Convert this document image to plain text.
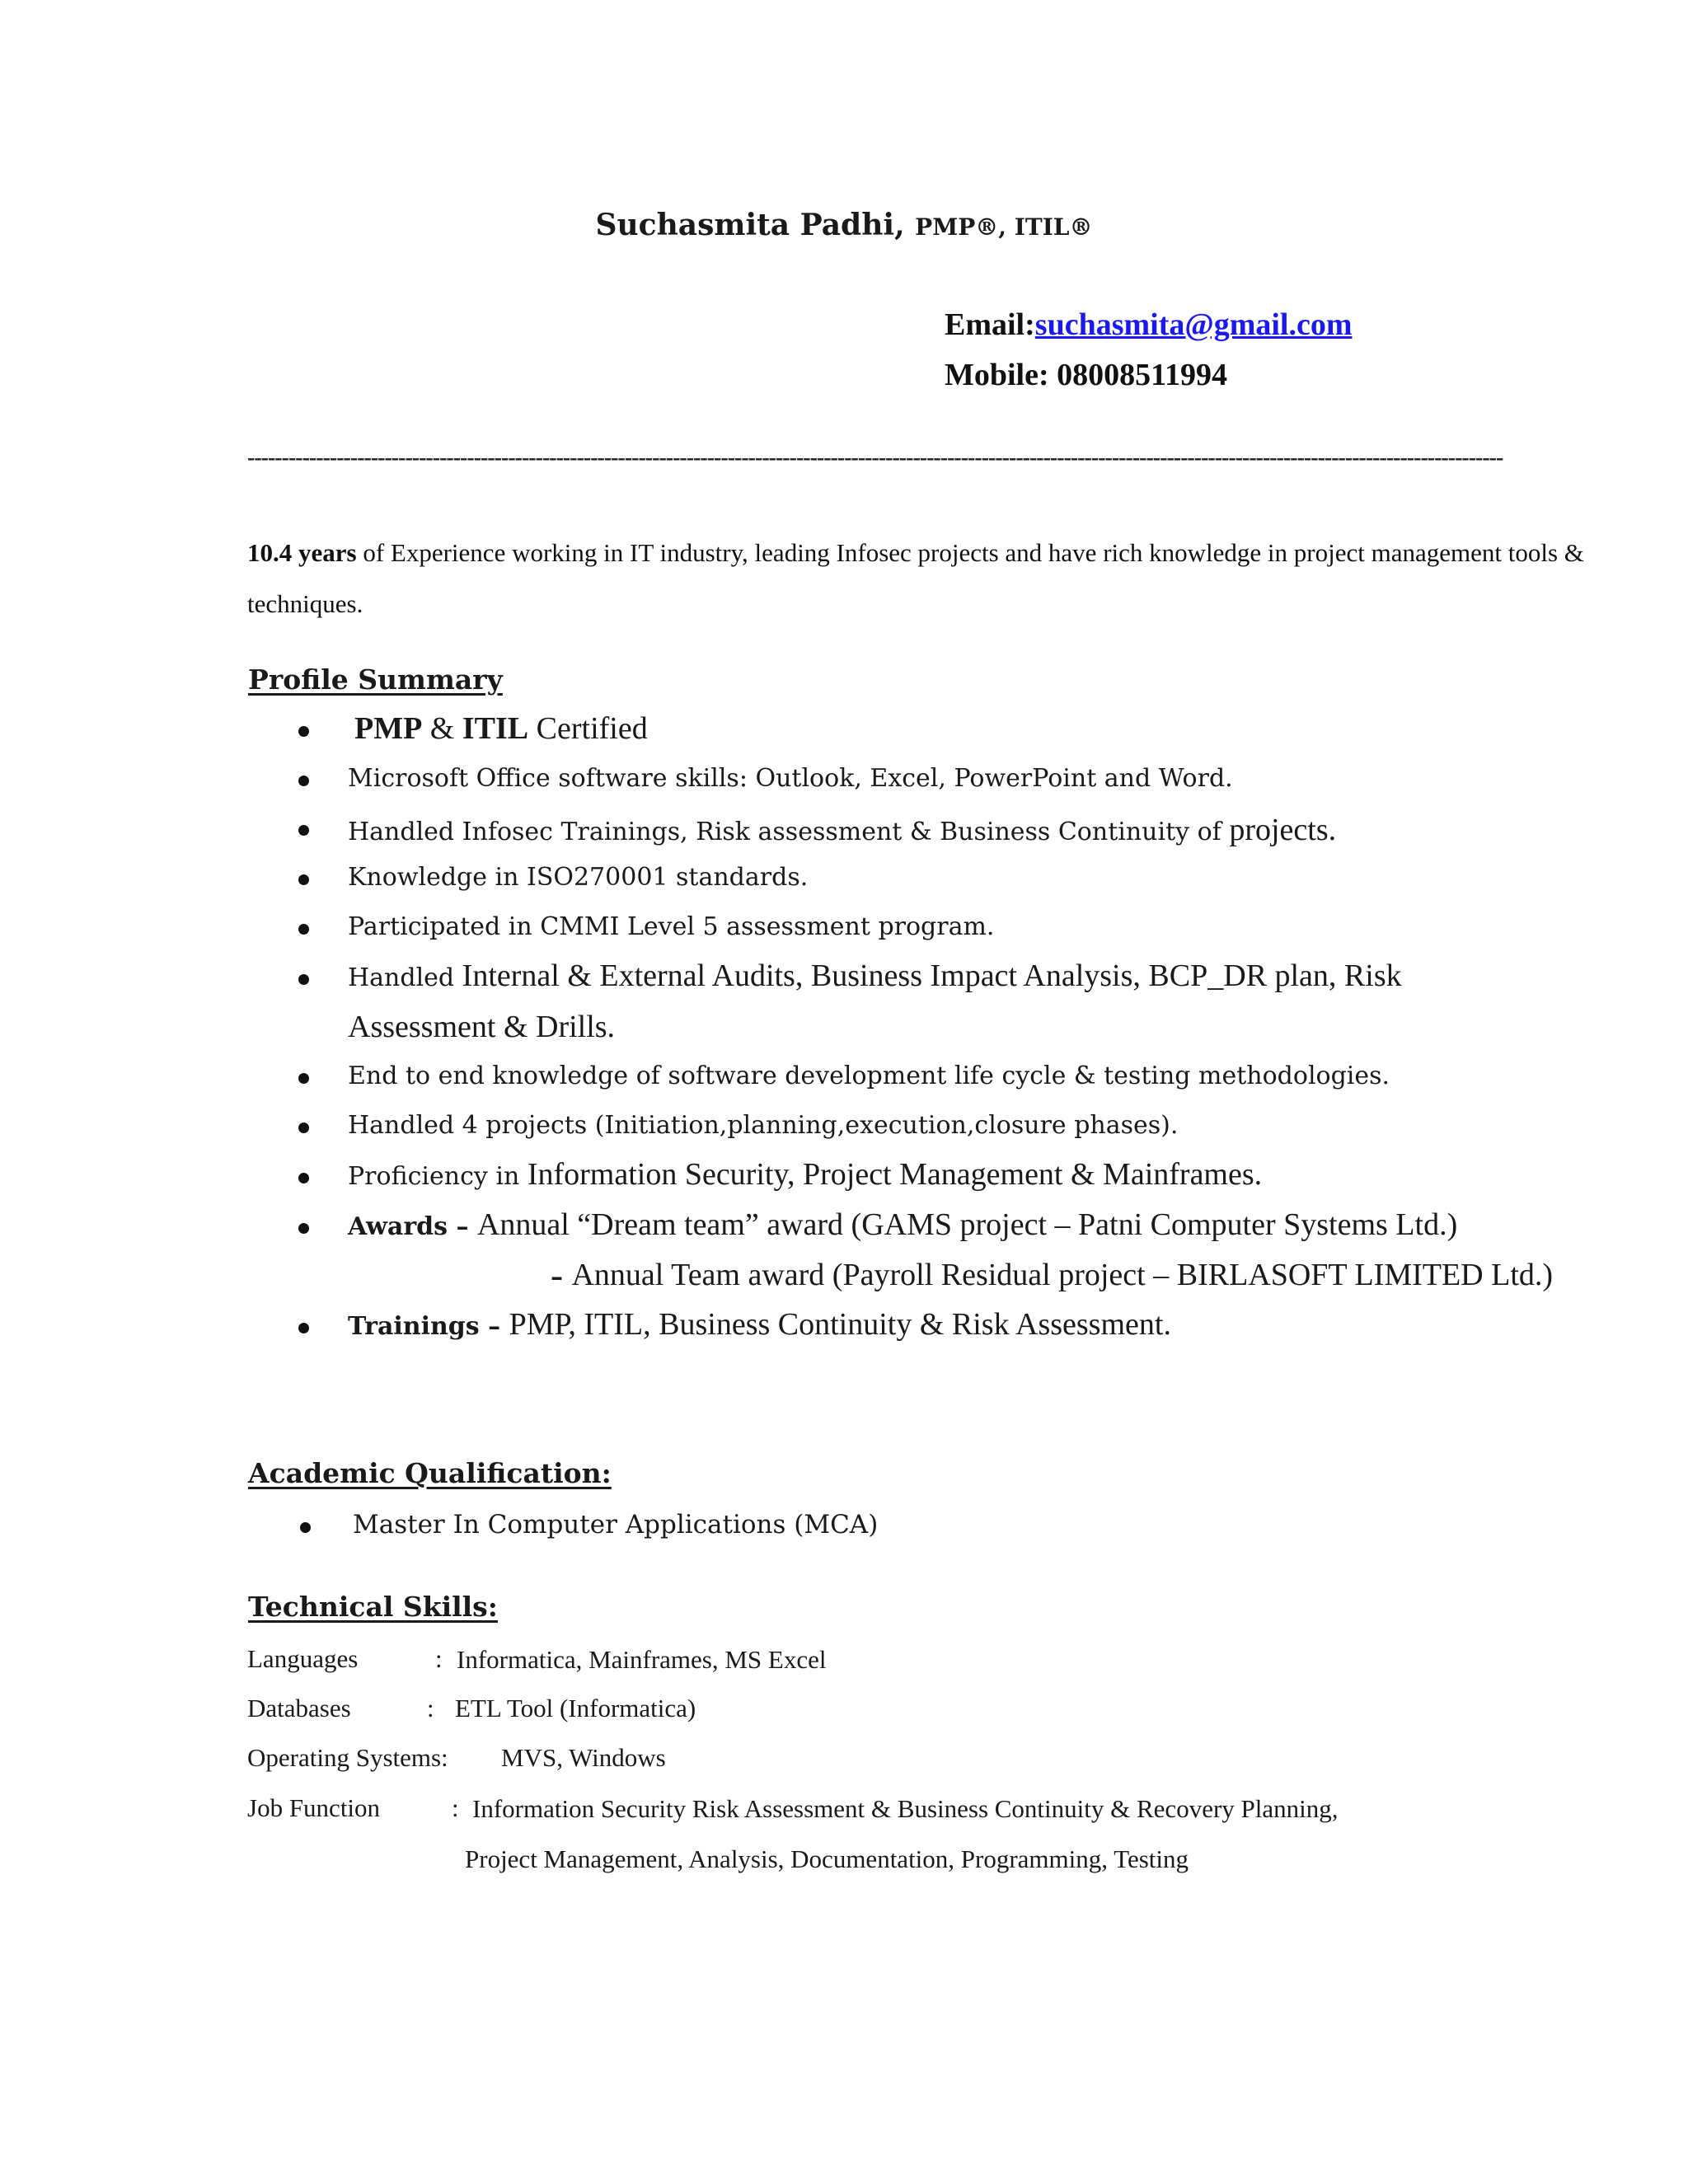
Suchasmita Padhi, PMP®, ITIL®
Email:suchasmita@gmail.com
Mobile: 08008511994
---------------------------------------------------------------------------------------------------------------------------------------------------------------------------------------
10.4 years of Experience working in IT industry, leading Infosec projects and have rich knowledge in project management tools & techniques.
Profile Summary
PMP & ITIL Certified
Microsoft Office software skills: Outlook, Excel, PowerPoint and Word.
Handled Infosec Trainings, Risk assessment & Business Continuity of projects.
Knowledge in ISO270001 standards.
Participated in CMMI Level 5 assessment program.
Handled Internal & External Audits, Business Impact Analysis, BCP_DR plan, Risk
Assessment & Drills.
End to end knowledge of software development life cycle & testing methodologies.
Handled 4 projects (Initiation,planning,execution,closure phases).
Proficiency in Information Security, Project Management & Mainframes.
Awards – Annual “Dream team” award (GAMS project – Patni Computer Systems Ltd.)
– Annual Team award (Payroll Residual project – BIRLASOFT LIMITED Ltd.)
Trainings – PMP, ITIL, Business Continuity & Risk Assessment.
Academic Qualification:
Master In Computer Applications (MCA)
Technical Skills:
Languages	: Informatica, Mainframes, MS Excel
Databases	: ETL Tool (Informatica)
Operating Systems: MVS, Windows
Job Function	: Information Security Risk Assessment & Business Continuity & Recovery Planning,
Project Management, Analysis, Documentation, Programming, Testing
